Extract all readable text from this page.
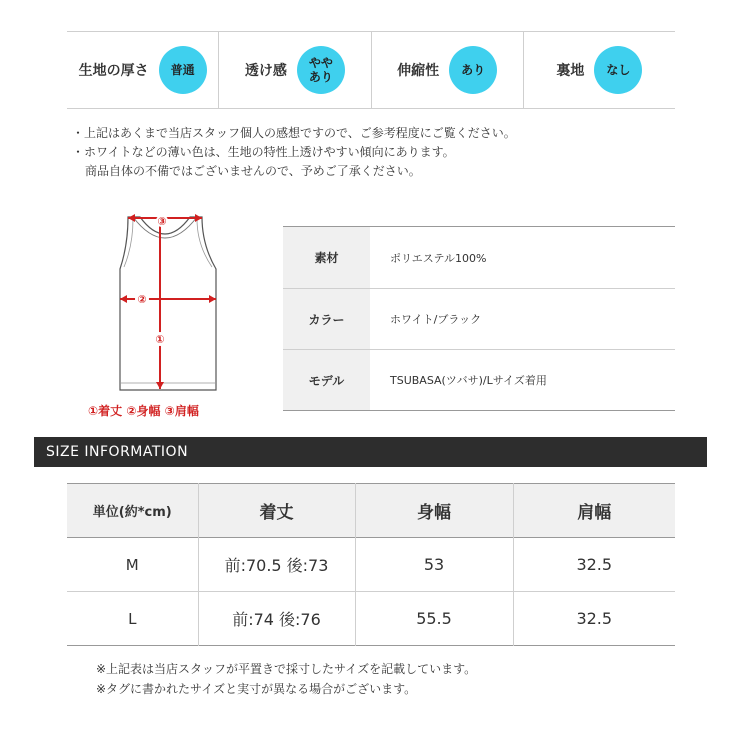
生地の厚さ	普通	透け感	やや
あり	伸縮性	あり	裏地	なし
・上記はあくまで当店スタッフ個人の感想ですので、ご参考程度にご覧ください。
・ホワイトなどの薄い色は、生地の特性上透けやすい傾向にあります。
商品自体の不備ではございませんので、予めご了承ください。
③
②
①
①着丈 ②身幅 ③肩幅
素材	ポリエステル100%
カラー	ホワイト/ブラック
モデル	TSUBASA(ツバサ)/Lサイズ着用
SIZE INFORMATION
単位(約*cm)	着丈	身幅	肩幅
M	前:70.5 後:73	53	32.5
L	前:74 後:76	55.5	32.5
※上記表は当店スタッフが平置きで採寸したサイズを記載しています。
※タグに書かれたサイズと実寸が異なる場合がございます。
